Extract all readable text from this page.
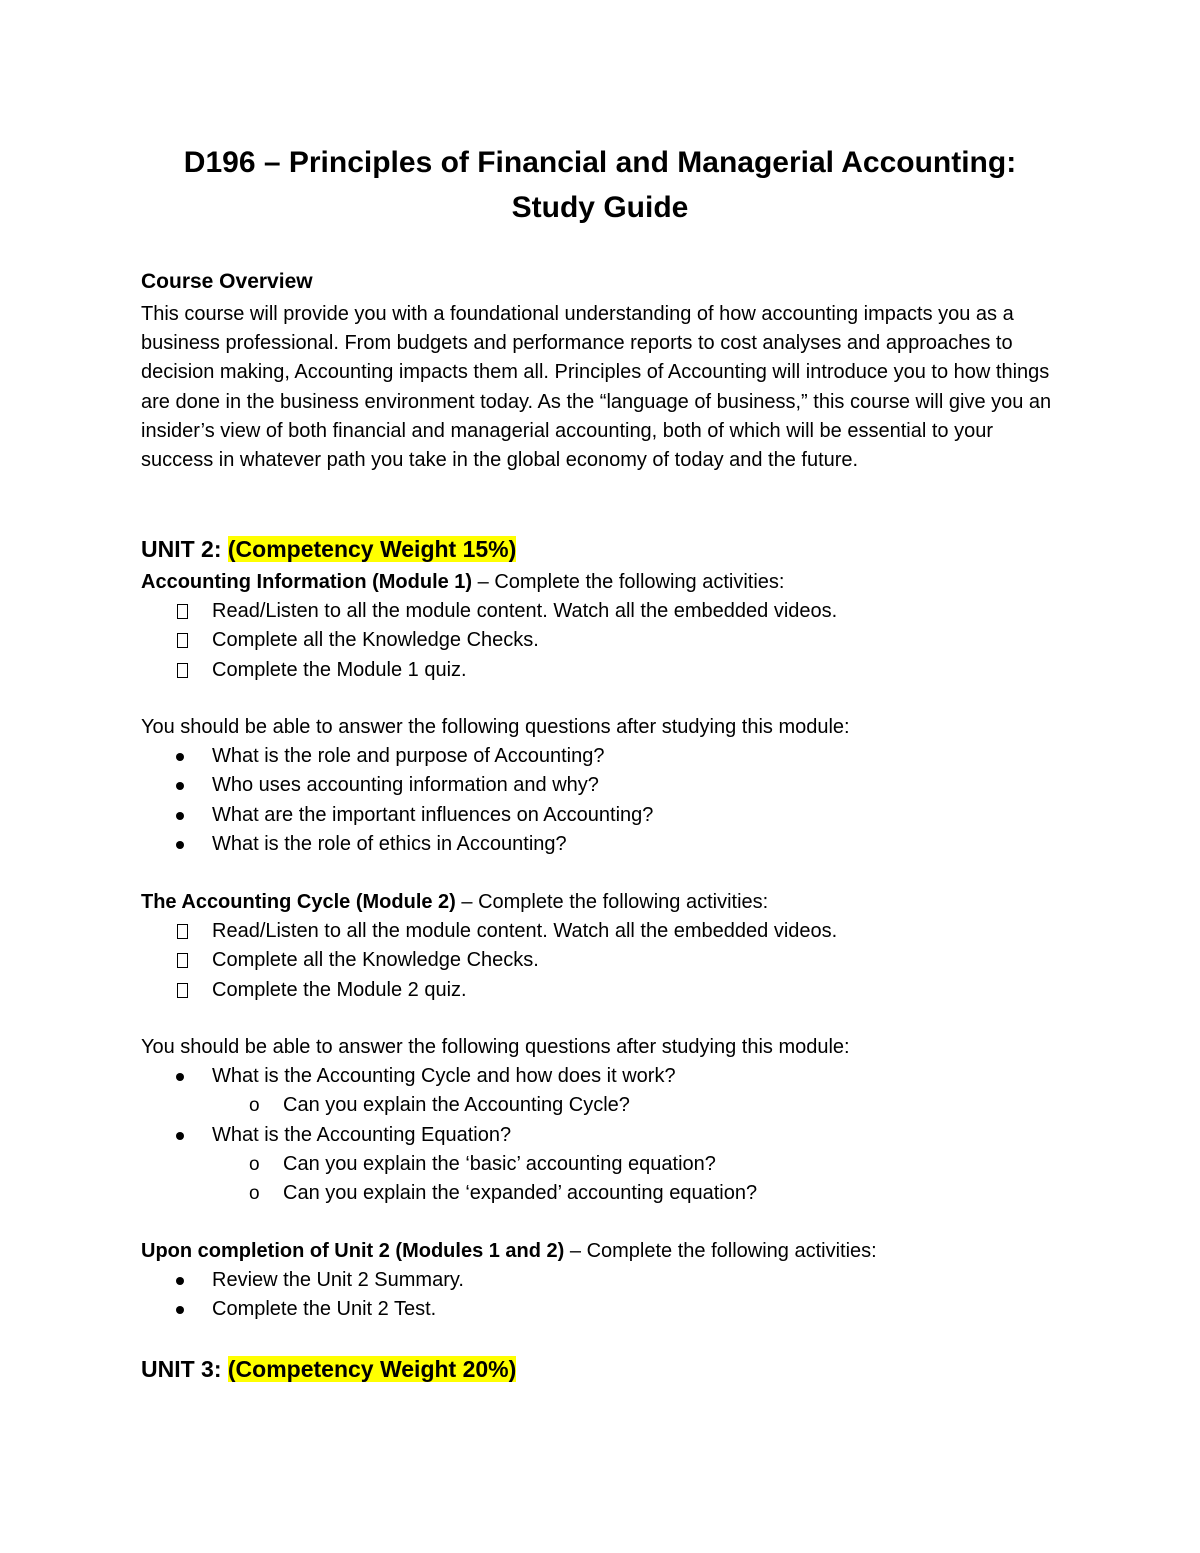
D196 – Principles of Financial and Managerial Accounting:
Study Guide
Course Overview
This course will provide you with a foundational understanding of how accounting impacts you as a business professional. From budgets and performance reports to cost analyses and approaches to decision making, Accounting impacts them all. Principles of Accounting will introduce you to how things are done in the business environment today. As the “language of business,” this course will give you an insider’s view of both financial and managerial accounting, both of which will be essential to your success in whatever path you take in the global economy of today and the future.
UNIT 2: (Competency Weight 15%)
Accounting Information (Module 1) – Complete the following activities:
Read/Listen to all the module content. Watch all the embedded videos.
Complete all the Knowledge Checks.
Complete the Module 1 quiz.
You should be able to answer the following questions after studying this module:
What is the role and purpose of Accounting?
Who uses accounting information and why?
What are the important influences on Accounting?
What is the role of ethics in Accounting?
The Accounting Cycle (Module 2) – Complete the following activities:
Read/Listen to all the module content. Watch all the embedded videos.
Complete all the Knowledge Checks.
Complete the Module 2 quiz.
You should be able to answer the following questions after studying this module:
What is the Accounting Cycle and how does it work?
o Can you explain the Accounting Cycle?
What is the Accounting Equation?
o Can you explain the ‘basic’ accounting equation?
o Can you explain the ‘expanded’ accounting equation?
Upon completion of Unit 2 (Modules 1 and 2) – Complete the following activities:
Review the Unit 2 Summary.
Complete the Unit 2 Test.
UNIT 3: (Competency Weight 20%)
